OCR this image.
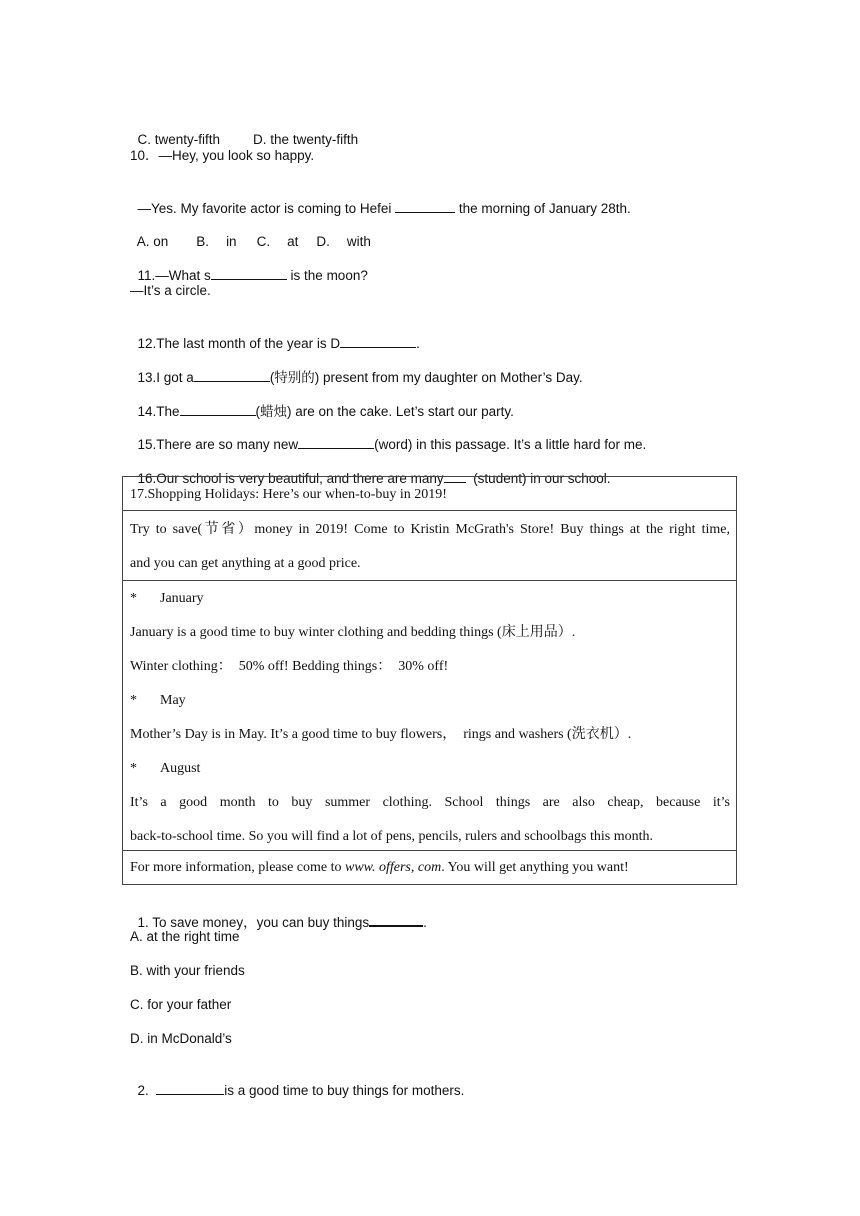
C. twenty-fifth D. the twenty-fifth

10．—Hey, you look so happy.

—Yes. My favorite actor is coming to Hefei	the morning of January 28th.

A. on B. in C. at D. with

11.—What s	is the moon?

—It’s a circle.

12.The last month of the year is D	.

13.I got a	(特别的) present from my daughter on Mother’s Day.

14.The	(蜡烛) are on the cake. Let’s start our party.

15.There are so many new	(word) in this passage. It’s a little hard for me.

16.Our school is very beautiful, and there are many  (student) in our school.

17.Shopping Holidays: Here’s our when-to-buy in 2019!
Try to save(节省）money in 2019! Come to Kristin McGrath's Store! Buy things at the right time,
and you can get anything at a good price.
* January
January is a good time to buy winter clothing and bedding things (床上用品）.
Winter clothing：  50% off! Bedding things：  30% off!
* May
Mother’s Day is in May. It’s a good time to buy flowers，  rings and washers (洗衣机）.
* August
It’s a good month to buy summer clothing. School things are also cheap, because it’s
back-to-school time. So you will find a lot of pens, pencils, rulers and schoolbags this month.
For more information, please come to www. offers, com. You will get anything you want!

1. To save money，you can buy things	.

A. at the right time
B. with your friends
C. for your father
D. in McDonald’s

2.	is a good time to buy things for mothers.
